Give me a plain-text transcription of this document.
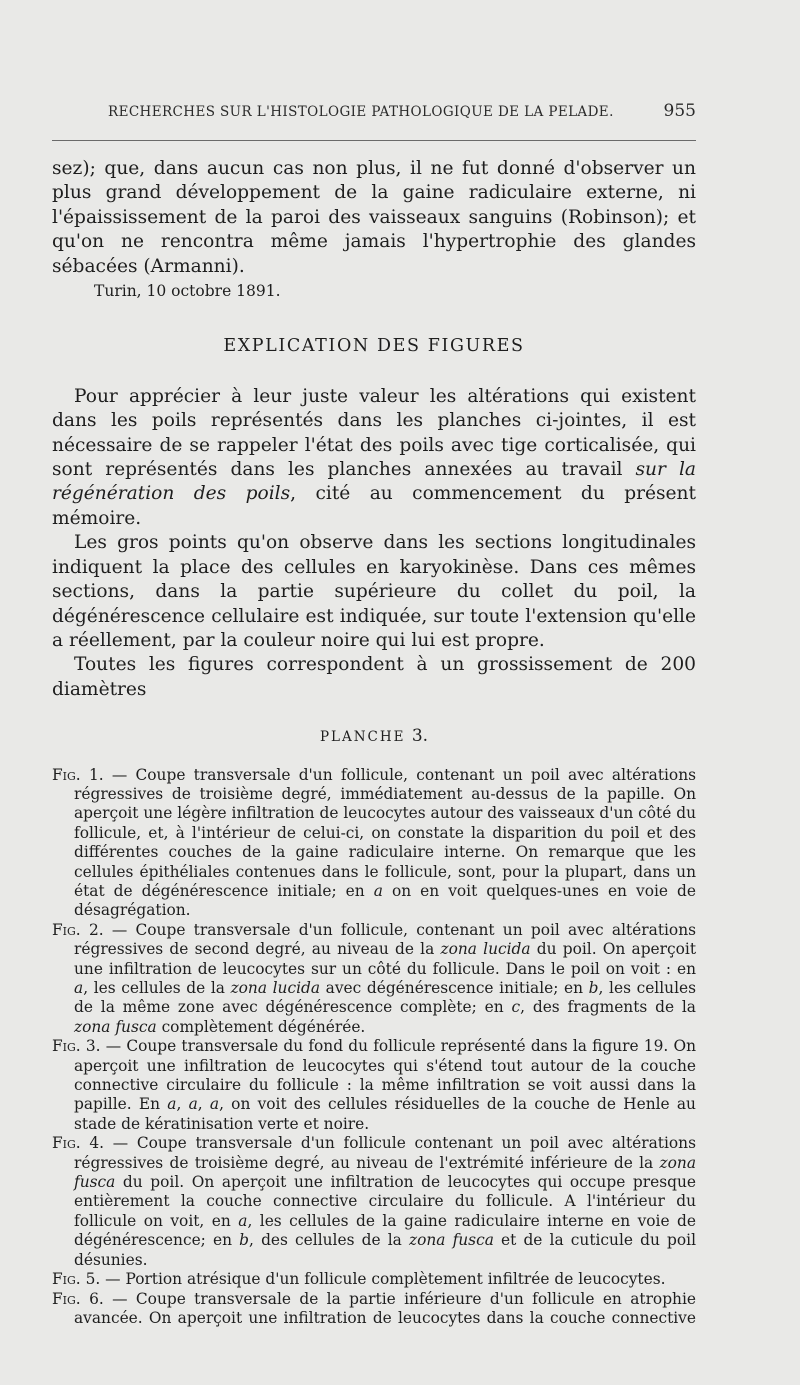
RECHERCHES SUR L'HISTOLOGIE PATHOLOGIQUE DE LA PELADE.	955

sez); que, dans aucun cas non plus, il ne fut donné d'observer un plus grand développement de la gaine radiculaire externe, ni l'épaississement de la paroi des vaisseaux sanguins (Robinson); et qu'on ne rencontra même jamais l'hypertrophie des glandes sébacées (Armanni).

Turin, 10 octobre 1891.

EXPLICATION DES FIGURES

Pour apprécier à leur juste valeur les altérations qui existent dans les poils représentés dans les planches ci-jointes, il est nécessaire de se rappeler l'état des poils avec tige corticalisée, qui sont représentés dans les planches annexées au travail sur la régénération des poils, cité au commencement du présent mémoire.

Les gros points qu'on observe dans les sections longitudinales indiquent la place des cellules en karyokinèse. Dans ces mêmes sections, dans la partie supérieure du collet du poil, la dégénérescence cellulaire est indiquée, sur toute l'extension qu'elle a réellement, par la couleur noire qui lui est propre.

Toutes les figures correspondent à un grossissement de 200 diamètres

PLANCHE 3.

Fig. 1. — Coupe transversale d'un follicule, contenant un poil avec altérations régressives de troisième degré, immédiatement au-dessus de la papille. On aperçoit une légère infiltration de leucocytes autour des vaisseaux d'un côté du follicule, et, à l'intérieur de celui-ci, on constate la disparition du poil et des différentes couches de la gaine radiculaire interne. On remarque que les cellules épithéliales contenues dans le follicule, sont, pour la plupart, dans un état de dégénérescence initiale; en a on en voit quelques-unes en voie de désagrégation.

Fig. 2. — Coupe transversale d'un follicule, contenant un poil avec altérations régressives de second degré, au niveau de la zona lucida du poil. On aperçoit une infiltration de leucocytes sur un côté du follicule. Dans le poil on voit : en a, les cellules de la zona lucida avec dégénérescence initiale; en b, les cellules de la même zone avec dégénérescence complète; en c, des fragments de la zona fusca complètement dégénérée.

Fig. 3. — Coupe transversale du fond du follicule représenté dans la figure 19. On aperçoit une infiltration de leucocytes qui s'étend tout autour de la couche connective circulaire du follicule : la même infiltration se voit aussi dans la papille. En a, a, a, on voit des cellules résiduelles de la couche de Henle au stade de kératinisation verte et noire.

Fig. 4. — Coupe transversale d'un follicule contenant un poil avec altérations régressives de troisième degré, au niveau de l'extrémité inférieure de la zona fusca du poil. On aperçoit une infiltration de leucocytes qui occupe presque entièrement la couche connective circulaire du follicule. A l'intérieur du follicule on voit, en a, les cellules de la gaine radiculaire interne en voie de dégénérescence; en b, des cellules de la zona fusca et de la cuticule du poil désunies.

Fig. 5. — Portion atrésique d'un follicule complètement infiltrée de leucocytes.

Fig. 6. — Coupe transversale de la partie inférieure d'un follicule en atrophie avancée. On aperçoit une infiltration de leucocytes dans la couche connective
